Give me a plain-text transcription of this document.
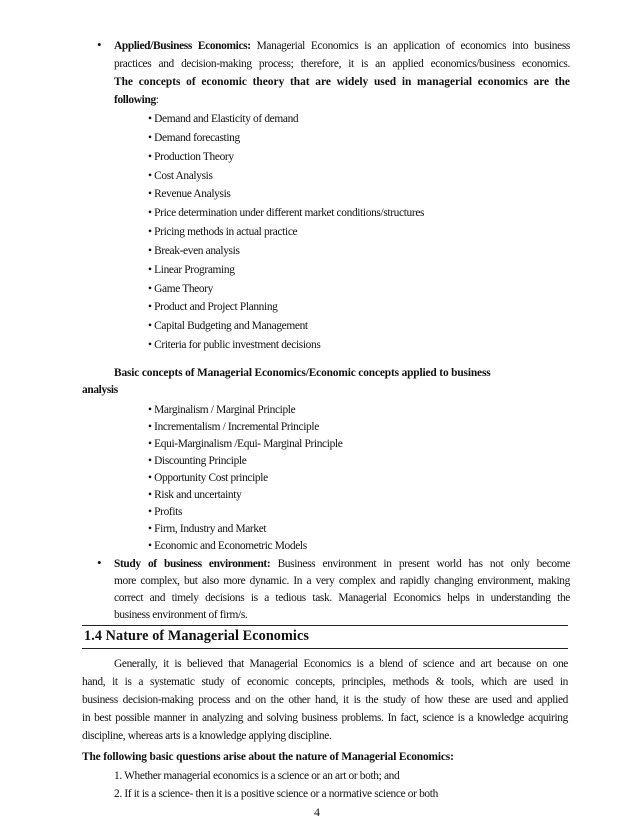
• Applied/Business Economics: Managerial Economics is an application of economics into business
practices and decision-making process; therefore, it is an applied economics/business economics.
The concepts of economic theory that are widely used in managerial economics are the
following:
• Demand and Elasticity of demand
• Demand forecasting
• Production Theory
• Cost Analysis
• Revenue Analysis
• Price determination under different market conditions/structures
• Pricing methods in actual practice
• Break-even analysis
• Linear Programing
• Game Theory
• Product and Project Planning
• Capital Budgeting and Management
• Criteria for public investment decisions
Basic concepts of Managerial Economics/Economic concepts applied to business
analysis
• Marginalism / Marginal Principle
• Incrementalism / Incremental Principle
• Equi-Marginalism /Equi- Marginal Principle
• Discounting Principle
• Opportunity Cost principle
• Risk and uncertainty
• Profits
• Firm, Industry and Market
• Economic and Econometric Models
• Study of business environment: Business environment in present world has not only become
more complex, but also more dynamic. In a very complex and rapidly changing environment, making
correct and timely decisions is a tedious task. Managerial Economics helps in understanding the
business environment of firm/s.
1.4 Nature of Managerial Economics
Generally, it is believed that Managerial Economics is a blend of science and art because on one
hand, it is a systematic study of economic concepts, principles, methods & tools, which are used in
business decision-making process and on the other hand, it is the study of how these are used and applied
in best possible manner in analyzing and solving business problems. In fact, science is a knowledge acquiring
discipline, whereas arts is a knowledge applying discipline.
The following basic questions arise about the nature of Managerial Economics:
1. Whether managerial economics is a science or an art or both; and
2. If it is a science- then it is a positive science or a normative science or both
4
